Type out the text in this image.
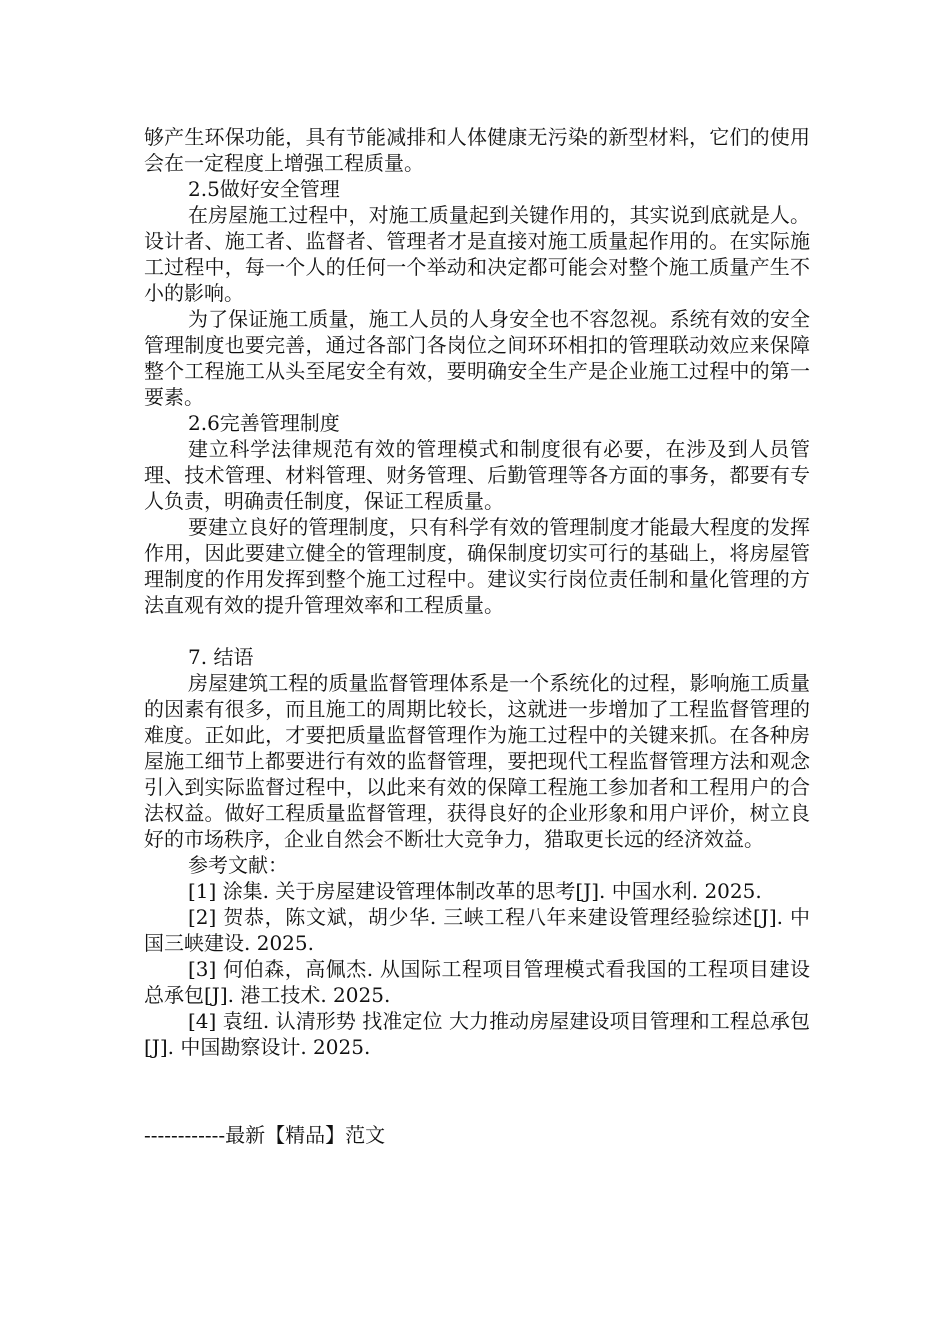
够产生环保功能，具有节能减排和人体健康无污染的新型材料，它们的使用会在一定程度上增强工程质量。

2.5做好安全管理

在房屋施工过程中，对施工质量起到关键作用的，其实说到底就是人。设计者、施工者、监督者、管理者才是直接对施工质量起作用的。在实际施工过程中，每一个人的任何一个举动和决定都可能会对整个施工质量产生不小的影响。

为了保证施工质量，施工人员的人身安全也不容忽视。系统有效的安全管理制度也要完善，通过各部门各岗位之间环环相扣的管理联动效应来保障整个工程施工从头至尾安全有效，要明确安全生产是企业施工过程中的第一要素。

2.6完善管理制度

建立科学法律规范有效的管理模式和制度很有必要，在涉及到人员管理、技术管理、材料管理、财务管理、后勤管理等各方面的事务，都要有专人负责，明确责任制度，保证工程质量。

要建立良好的管理制度，只有科学有效的管理制度才能最大程度的发挥作用，因此要建立健全的管理制度，确保制度切实可行的基础上，将房屋管理制度的作用发挥到整个施工过程中。建议实行岗位责任制和量化管理的方法直观有效的提升管理效率和工程质量。

7. 结语

房屋建筑工程的质量监督管理体系是一个系统化的过程，影响施工质量的因素有很多，而且施工的周期比较长，这就进一步增加了工程监督管理的难度。正如此，才要把质量监督管理作为施工过程中的关键来抓。在各种房屋施工细节上都要进行有效的监督管理，要把现代工程监督管理方法和观念引入到实际监督过程中，以此来有效的保障工程施工参加者和工程用户的合法权益。做好工程质量监督管理，获得良好的企业形象和用户评价，树立良好的市场秩序，企业自然会不断壮大竞争力，猎取更长远的经济效益。

参考文献：

[1] 涂集. 关于房屋建设管理体制改革的思考[J]. 中国水利. 2025.

[2] 贺恭，陈文斌，胡少华. 三峡工程八年来建设管理经验综述[J]. 中国三峡建设. 2025.

[3] 何伯森，高佩杰. 从国际工程项目管理模式看我国的工程项目建设总承包[J]. 港工技术. 2025.

[4] 袁纽. 认清形势 找准定位 大力推动房屋建设项目管理和工程总承包[J]. 中国勘察设计. 2025.

------------最新【精品】范文
